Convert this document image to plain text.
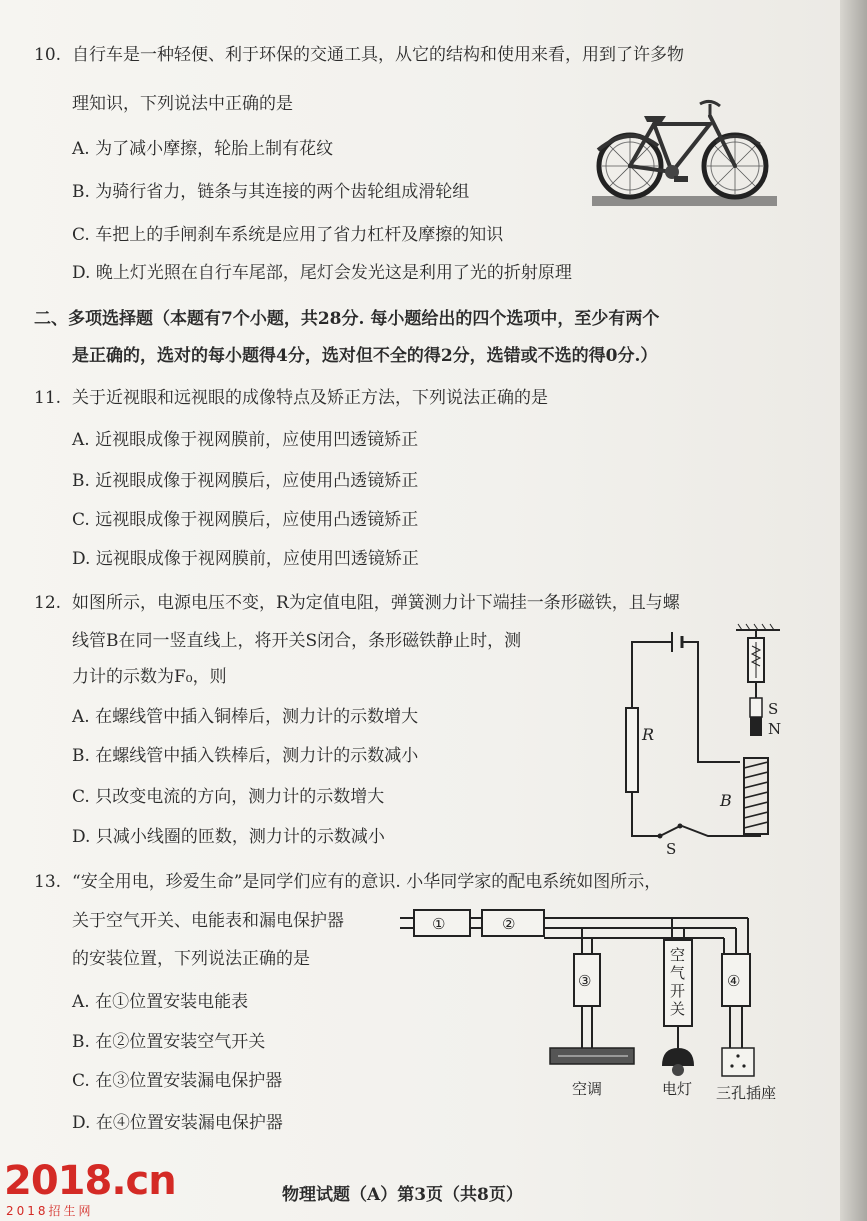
10. 自行车是一种轻便、利于环保的交通工具，从它的结构和使用来看，用到了许多物
理知识，下列说法中正确的是
A. 为了减小摩擦，轮胎上制有花纹
B. 为骑行省力，链条与其连接的两个齿轮组成滑轮组
C. 车把上的手闸刹车系统是应用了省力杠杆及摩擦的知识
D. 晚上灯光照在自行车尾部，尾灯会发光这是利用了光的折射原理
二、多项选择题（本题有7个小题，共28分. 每小题给出的四个选项中，至少有两个
是正确的，选对的每小题得4分，选对但不全的得2分，选错或不选的得0分.）
11. 关于近视眼和远视眼的成像特点及矫正方法，下列说法正确的是
A. 近视眼成像于视网膜前，应使用凹透镜矫正
B. 近视眼成像于视网膜后，应使用凸透镜矫正
C. 远视眼成像于视网膜后，应使用凸透镜矫正
D. 远视眼成像于视网膜前，应使用凹透镜矫正
12. 如图所示，电源电压不变，R为定值电阻，弹簧测力计下端挂一条形磁铁，且与螺
线管B在同一竖直线上，将开关S闭合，条形磁铁静止时，测
力计的示数为F₀，则
A. 在螺线管中插入铜棒后，测力计的示数增大
B. 在螺线管中插入铁棒后，测力计的示数减小
C. 只改变电流的方向，测力计的示数增大
D. 只减小线圈的匝数，测力计的示数减小
R
S
B
S
N
13. “安全用电，珍爱生命”是同学们应有的意识. 小华同学家的配电系统如图所示，
关于空气开关、电能表和漏电保护器
的安装位置，下列说法正确的是
A. 在①位置安装电能表
B. 在②位置安装空气开关
C. 在③位置安装漏电保护器
D. 在④位置安装漏电保护器
①	②
③
空
气
开
关
④
空调	电灯 三孔插座
物理试题（A）第3页（共8页）
2018.cn
2018招生网
